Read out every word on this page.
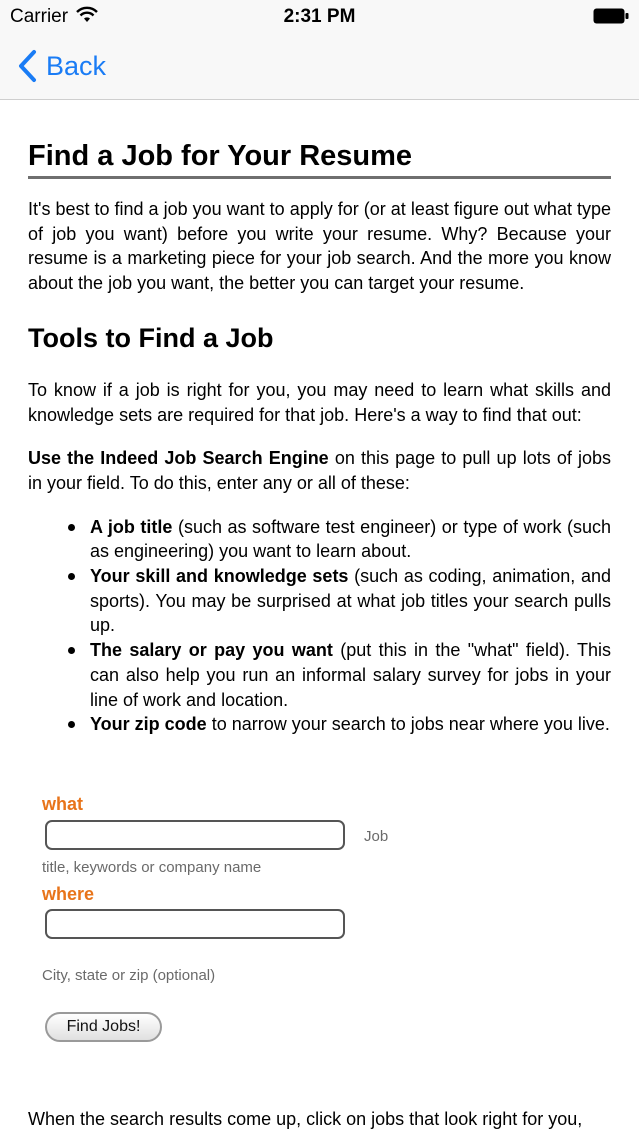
Carrier	2:31 PM
Back
Find a Job for Your Resume

It's best to find a job you want to apply for (or at least figure out what type of job you want) before you write your resume. Why? Because your resume is a marketing piece for your job search. And the more you know about the job you want, the better you can target your resume.

Tools to Find a Job

To know if a job is right for you, you may need to learn what skills and knowledge sets are required for that job. Here's a way to find that out:

Use the Indeed Job Search Engine on this page to pull up lots of jobs in your field. To do this, enter any or all of these:

A job title (such as software test engineer) or type of work (such as engineering) you want to learn about.
Your skill and knowledge sets (such as coding, animation, and sports). You may be surprised at what job titles your search pulls up.
The salary or pay you want (put this in the "what" field). This can also help you run an informal salary survey for jobs in your line of work and location.
Your zip code to narrow your search to jobs near where you live.
what
Job
title, keywords or company name
where
City, state or zip (optional)
Find Jobs!

When the search results come up, click on jobs that look right for you,
